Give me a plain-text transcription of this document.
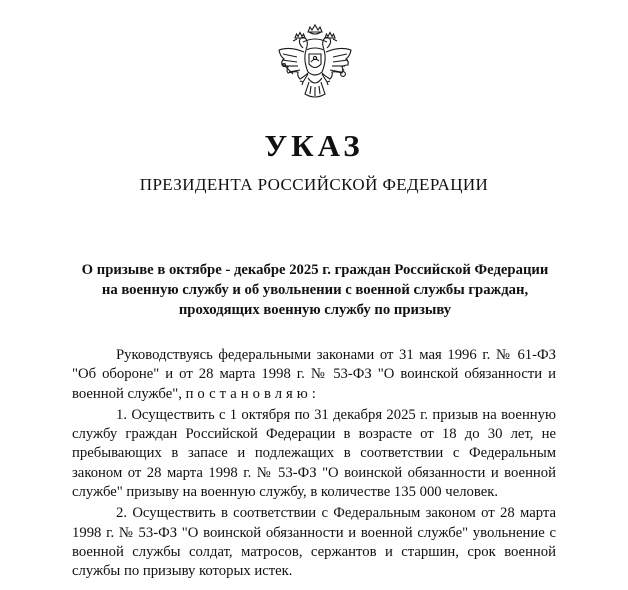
УКАЗ
ПРЕЗИДЕНТА РОССИЙСКОЙ ФЕДЕРАЦИИ
О призыве в октябре - декабре 2025 г. граждан Российской Федерации на военную службу и об увольнении с военной службы граждан, проходящих военную службу по призыву

Руководствуясь федеральными законами от 31 мая 1996 г. № 61-ФЗ "Об обороне" и от 28 марта 1998 г. № 53-ФЗ "О воинской обязанности и военной службе", постановляю:

1. Осуществить с 1 октября по 31 декабря 2025 г. призыв на военную службу граждан Российской Федерации в возрасте от 18 до 30 лет, не пребывающих в запасе и подлежащих в соответствии с Федеральным законом от 28 марта 1998 г. № 53-ФЗ "О воинской обязанности и военной службе" призыву на военную службу, в количестве 135 000 человек.

2. Осуществить в соответствии с Федеральным законом от 28 марта 1998 г. № 53-ФЗ "О воинской обязанности и военной службе" увольнение с военной службы солдат, матросов, сержантов и старшин, срок военной службы по призыву которых истек.
